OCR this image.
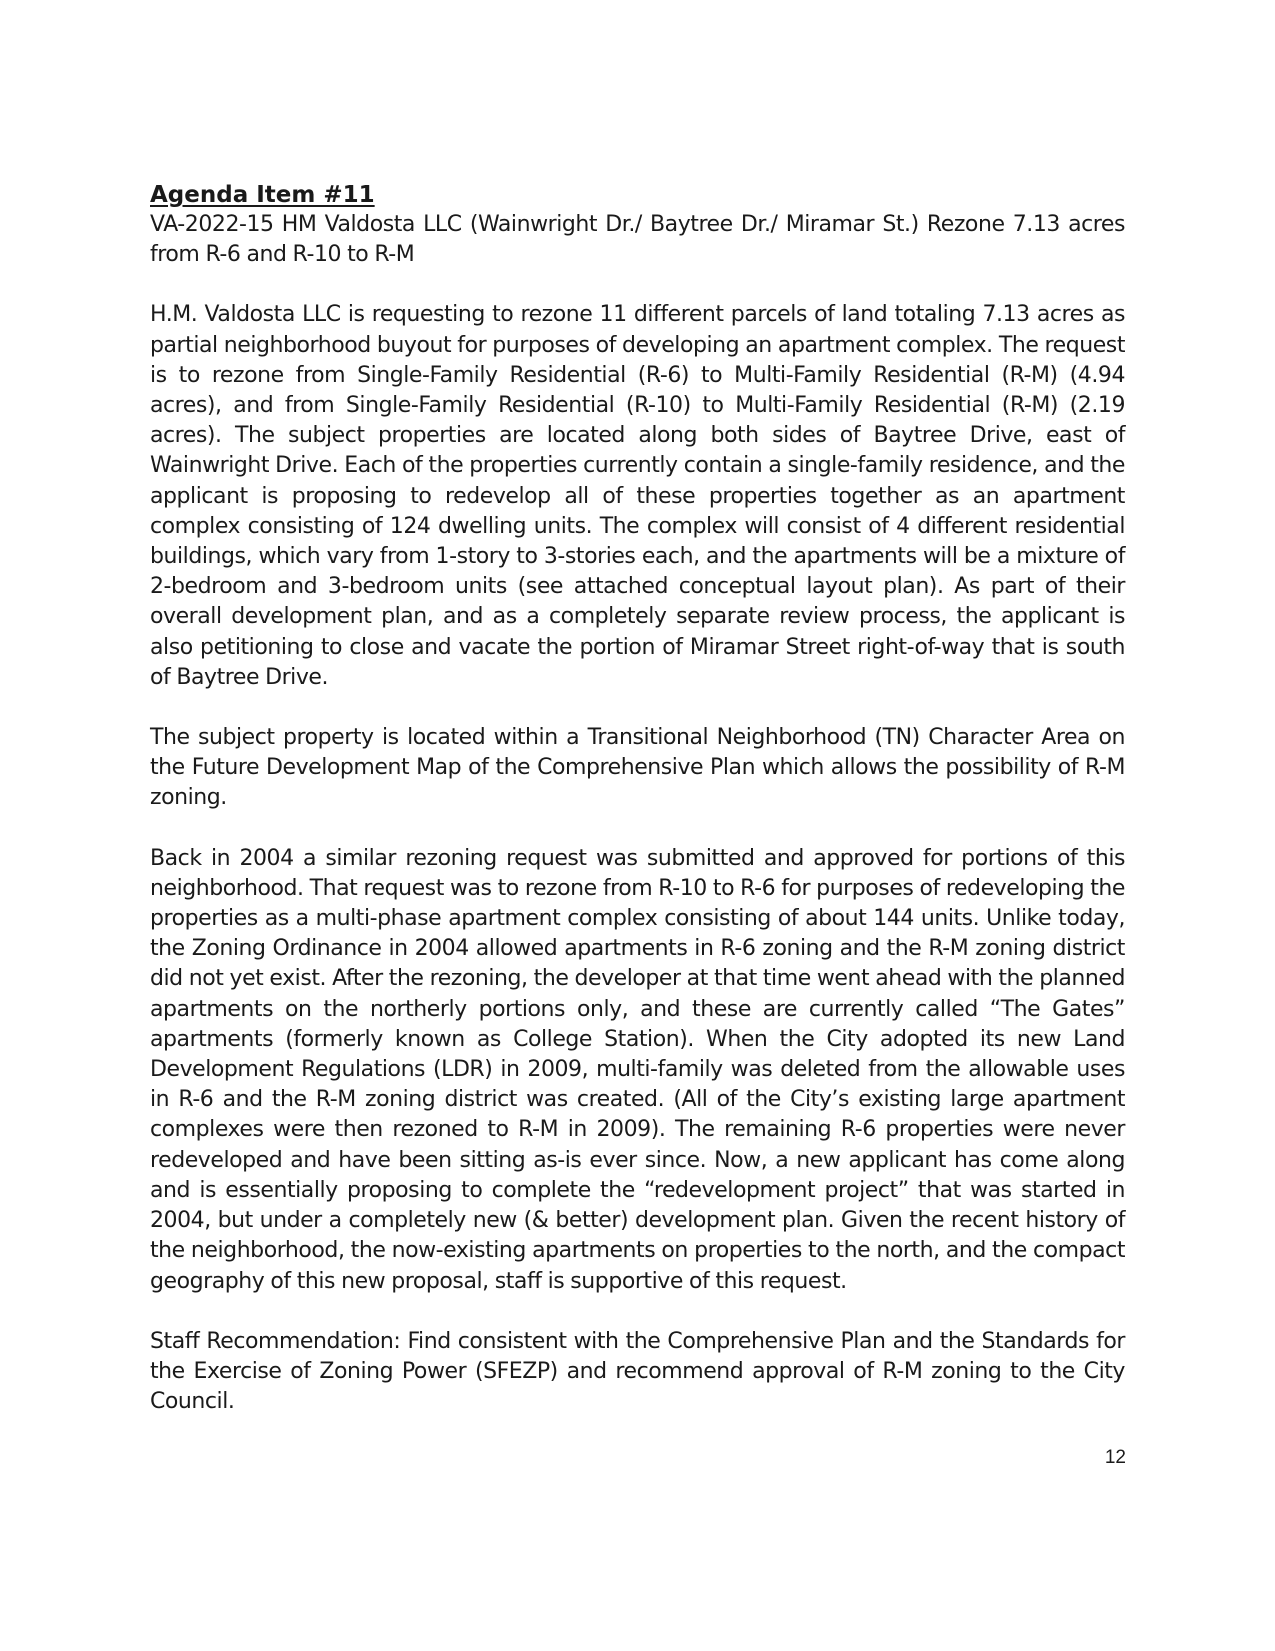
Agenda Item #11

VA-2022-15 HM Valdosta LLC (Wainwright Dr./ Baytree Dr./ Miramar St.) Rezone 7.13 acres from R-6 and R-10 to R-M

H.M. Valdosta LLC is requesting to rezone 11 different parcels of land totaling 7.13 acres as partial neighborhood buyout for purposes of developing an apartment complex. The request is to rezone from Single-Family Residential (R-6) to Multi-Family Residential (R-M) (4.94 acres), and from Single-Family Residential (R-10) to Multi-Family Residential (R-M) (2.19 acres). The subject properties are located along both sides of Baytree Drive, east of Wainwright Drive. Each of the properties currently contain a single-family residence, and the applicant is proposing to redevelop all of these properties together as an apartment complex consisting of 124 dwelling units. The complex will consist of 4 different residential buildings, which vary from 1-story to 3-stories each, and the apartments will be a mixture of 2-bedroom and 3-bedroom units (see attached conceptual layout plan). As part of their overall development plan, and as a completely separate review process, the applicant is also petitioning to close and vacate the portion of Miramar Street right-of-way that is south of Baytree Drive.

The subject property is located within a Transitional Neighborhood (TN) Character Area on the Future Development Map of the Comprehensive Plan which allows the possibility of R-M zoning.

Back in 2004 a similar rezoning request was submitted and approved for portions of this neighborhood. That request was to rezone from R-10 to R-6 for purposes of redeveloping the properties as a multi-phase apartment complex consisting of about 144 units. Unlike today, the Zoning Ordinance in 2004 allowed apartments in R-6 zoning and the R-M zoning district did not yet exist. After the rezoning, the developer at that time went ahead with the planned apartments on the northerly portions only, and these are currently called “The Gates” apartments (formerly known as College Station). When the City adopted its new Land Development Regulations (LDR) in 2009, multi-family was deleted from the allowable uses in R-6 and the R-M zoning district was created. (All of the City’s existing large apartment complexes were then rezoned to R-M in 2009). The remaining R-6 properties were never redeveloped and have been sitting as-is ever since. Now, a new applicant has come along and is essentially proposing to complete the “redevelopment project” that was started in 2004, but under a completely new (& better) development plan. Given the recent history of the neighborhood, the now-existing apartments on properties to the north, and the compact geography of this new proposal, staff is supportive of this request.

Staff Recommendation: Find consistent with the Comprehensive Plan and the Standards for the Exercise of Zoning Power (SFEZP) and recommend approval of R-M zoning to the City Council.

12
